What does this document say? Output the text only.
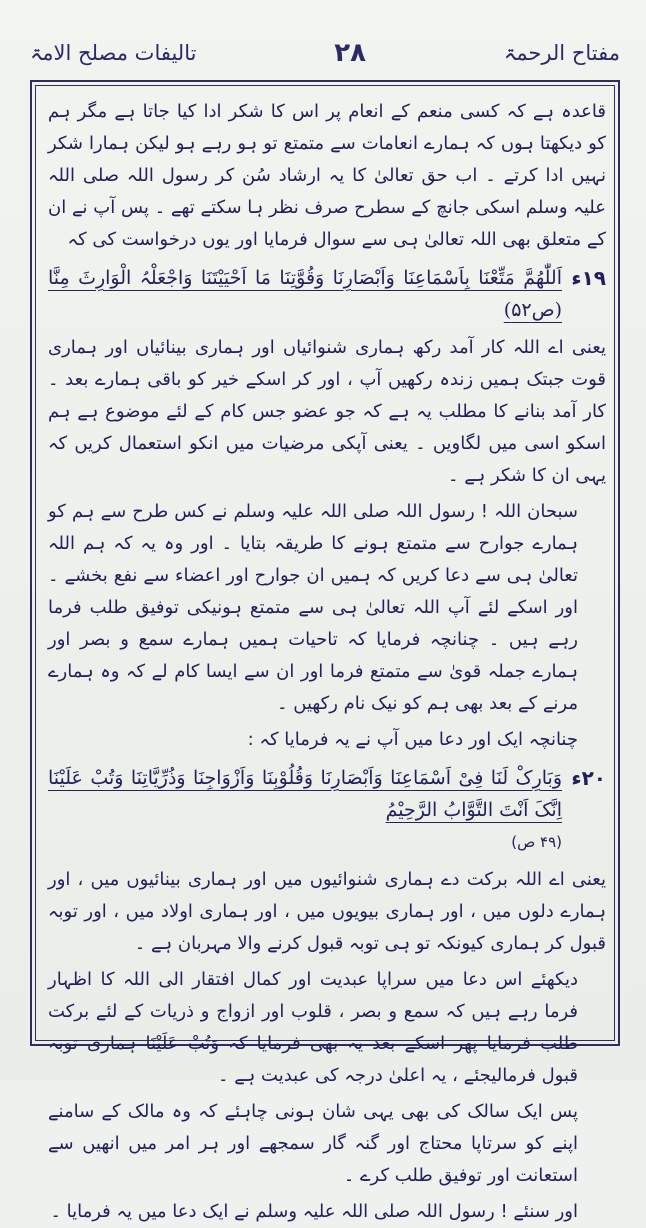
تالیفات مصلح الامۃ	۲۸	مفتاح الرحمۃ

قاعدہ ہے کہ کسی منعم کے انعام پر اس کا شکر ادا کیا جاتا ہے مگر ہم کو دیکھتا ہوں کہ ہمارے انعامات سے متمتع تو ہو رہے ہو لیکن ہمارا شکر نہیں ادا کرتے ۔ اب حق تعالیٰ کا یہ ارشاد سُن کر رسول اللہ صلی اللہ علیہ وسلم اسکی جانچ کے سطرح صرف نظر ہا سکتے تھے ۔ پس آپ نے ان کے متعلق بھی اللہ تعالیٰ ہی سے سوال فرمایا اور یوں درخواست کی کہ

۱۹ء
اَللّٰھُمَّ مَتِّعْنَا بِاَسْمَاعِنَا وَاَبْصَارِنَا وَقُوَّتِنَا مَا اَحْیَیْتَنَا وَاجْعَلْہُ الْوَارِثَ مِنَّا (ص۵۲)

یعنی اے اللہ کار آمد رکھ ہماری شنوائیاں اور ہماری بینائیاں اور ہماری قوت جبتک ہمیں زندہ رکھیں آپ ، اور کر اسکے خیر کو باقی ہمارے بعد ۔ کار آمد بنانے کا مطلب یہ ہے کہ جو عضو جس کام کے لئے موضوع ہے ہم اسکو اسی میں لگاویں ۔ یعنی آپکی مرضیات میں انکو استعمال کریں کہ یہی ان کا شکر ہے ۔

سبحان اللہ ! رسول اللہ صلی اللہ علیہ وسلم نے کس طرح سے ہم کو ہمارے جوارح سے متمتع ہونے کا طریقہ بتایا ۔ اور وہ یہ کہ ہم اللہ تعالیٰ ہی سے دعا کریں کہ ہمیں ان جوارح اور اعضاء سے نفع بخشے ۔ اور اسکے لئے آپ اللہ تعالیٰ ہی سے متمتع ہونیکی توفیق طلب فرما رہے ہیں ۔ چنانچہ فرمایا کہ تاحیات ہمیں ہمارے سمع و بصر اور ہمارے جملہ قویٰ سے متمتع فرما اور ان سے ایسا کام لے کہ وہ ہمارے مرنے کے بعد بھی ہم کو نیک نام رکھیں ۔

چنانچہ ایک اور دعا میں آپ نے یہ فرمایا کہ :

۲۰ء
وَبَارِکْ لَنَا فِیْ اَسْمَاعِنَا وَاَبْصَارِنَا وَقُلُوْبِنَا وَاَزْوَاجِنَا وَذُرِّیَّاتِنَا وَتُبْ عَلَیْنَا اِنَّکَ اَنْتَ التَّوَّابُ الرَّحِیْمُ
(۴۹ ص)

یعنی اے اللہ برکت دے ہماری شنوائیوں میں اور ہماری بینائیوں میں ، اور ہمارے دلوں میں ، اور ہماری بیویوں میں ، اور ہماری اولاد میں ، اور توبہ قبول کر ہماری کیونکہ تو ہی توبہ قبول کرنے والا مہربان ہے ۔

دیکھئے اس دعا میں سراپا عبدیت اور کمال افتقار الی اللہ کا اظہار فرما رہے ہیں کہ سمع و بصر ، قلوب اور ازواج و ذریات کے لئے برکت طلب فرمایا پھر اسکے بعد یہ بھی فرمایا کہ وَتُبْ عَلَیْنَا ہماری توبہ قبول فرمالیجئے ، یہ اعلیٰ درجہ کی عبدیت ہے ۔

پس ایک سالک کی بھی یہی شان ہونی چاہئے کہ وہ مالک کے سامنے اپنے کو سرتاپا محتاج اور گنہ گار سمجھے اور ہر امر میں انھیں سے استعانت اور توفیق طلب کرے ۔

اور سنئے ! رسول اللہ صلی اللہ علیہ وسلم نے ایک دعا میں یہ فرمایا ۔
